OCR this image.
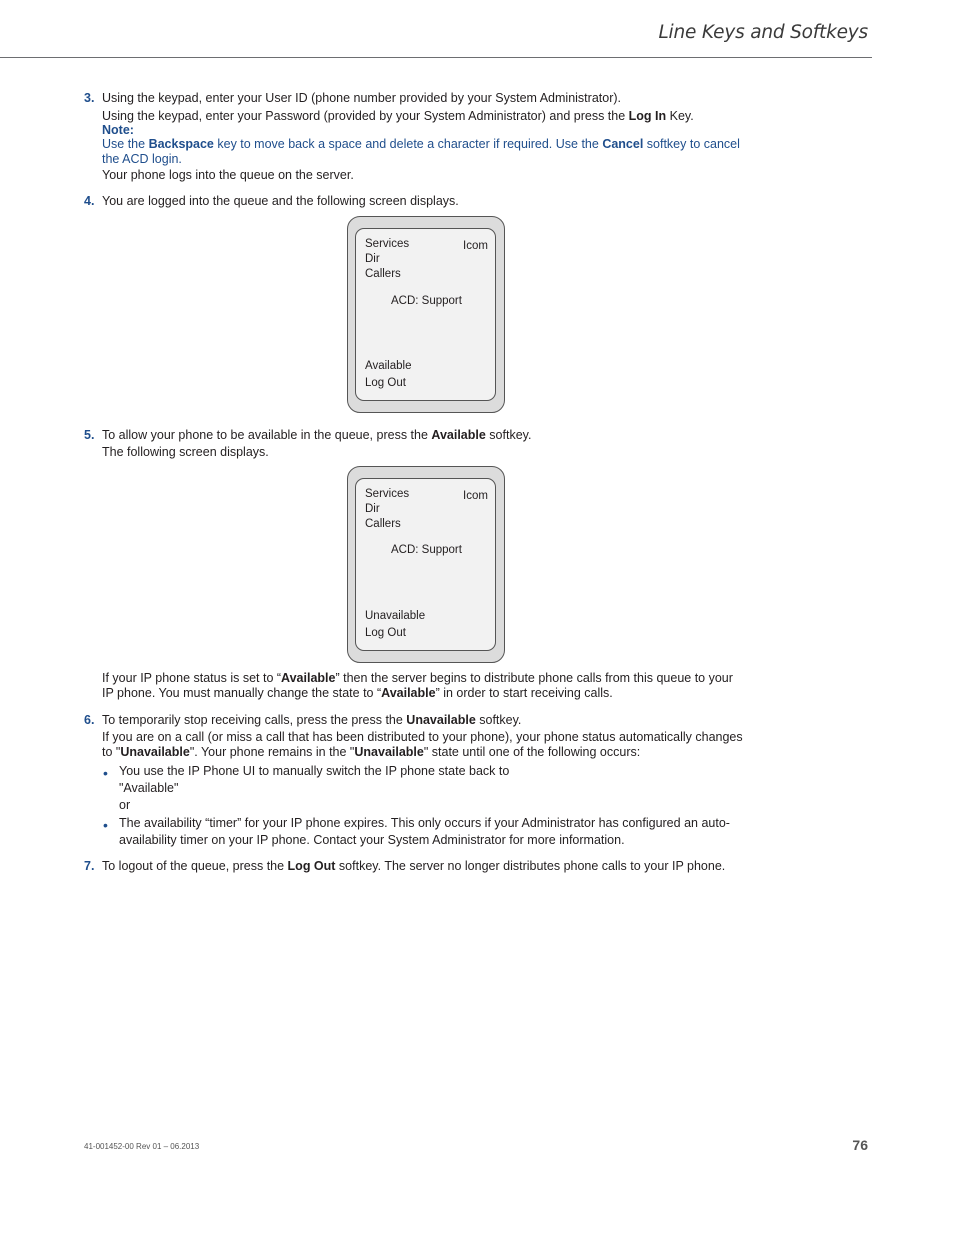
Line Keys and Softkeys
3. Using the keypad, enter your User ID (phone number provided by your System Administrator).
Using the keypad, enter your Password (provided by your System Administrator) and press the Log In Key.
Note:
Use the Backspace key to move back a space and delete a character if required. Use the Cancel softkey to cancel
the ACD login.
Your phone logs into the queue on the server.
4. You are logged into the queue and the following screen displays.
Services
Dir
Callers
Icom
ACD: Support
Available
Log Out
5. To allow your phone to be available in the queue, press the Available softkey.
The following screen displays.
Services
Dir
Callers
Icom
ACD: Support
Unavailable
Log Out
If your IP phone status is set to “Available” then the server begins to distribute phone calls from this queue to your
IP phone. You must manually change the state to “Available” in order to start receiving calls.
6. To temporarily stop receiving calls, press the press the Unavailable softkey.
If you are on a call (or miss a call that has been distributed to your phone), your phone status automatically changes
to "Unavailable". Your phone remains in the "Unavailable" state until one of the following occurs:
• You use the IP Phone UI to manually switch the IP phone state back to
"Available"
or
• The availability “timer” for your IP phone expires. This only occurs if your Administrator has configured an auto-
availability timer on your IP phone. Contact your System Administrator for more information.
7. To logout of the queue, press the Log Out softkey. The server no longer distributes phone calls to your IP phone.
41-001452-00 Rev 01 – 06.2013	76
